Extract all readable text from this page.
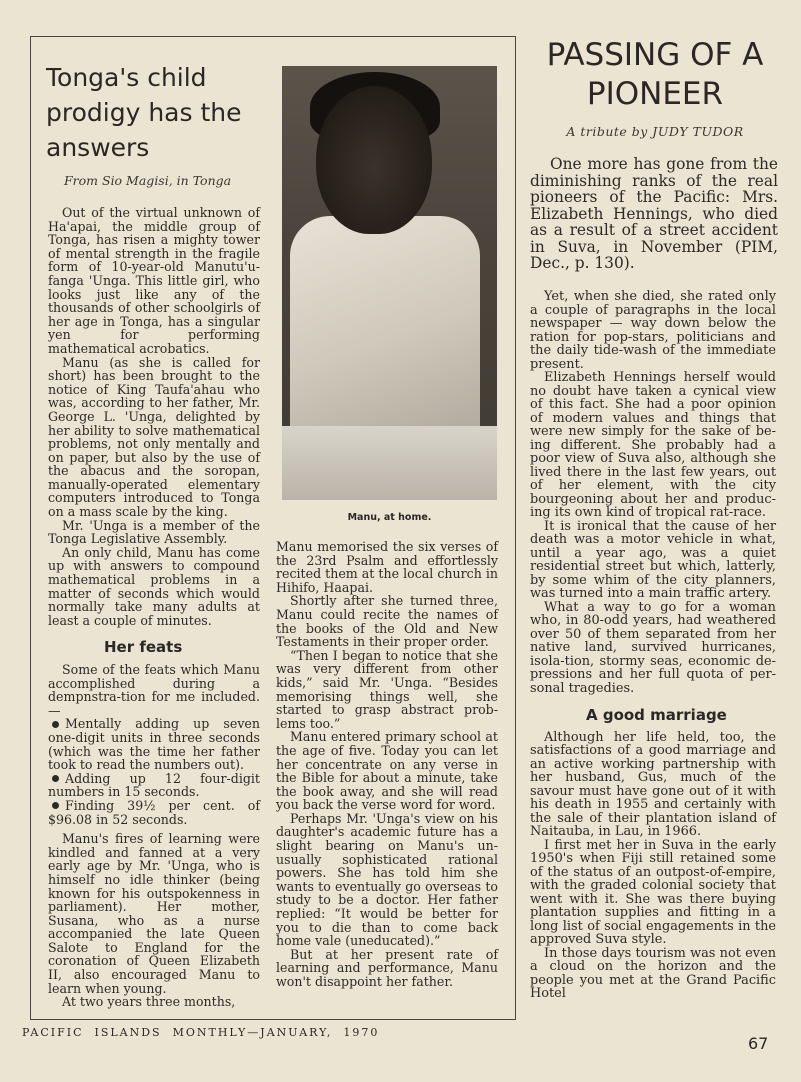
Tonga's child prodigy has the answers
From Sio Magisi, in Tonga

Out of the virtual unknown of Ha'apai, the middle group of Tonga, has risen a mighty tower of mental strength in the fragile form of 10-year-old Manutu'u-fanga 'Unga. This little girl, who looks just like any of the thousands of other schoolgirls of her age in Tonga, has a singular yen for performing mathematical acrobatics.

Manu (as she is called for short) has been brought to the notice of King Taufa'ahau who was, according to her father, Mr. George L. 'Unga, delighted by her ability to solve mathematical problems, not only mentally and on paper, but also by the use of the abacus and the soropan, manually-operated elementary computers introduced to Tonga on a mass scale by the king.

Mr. 'Unga is a member of the Tonga Legislative Assembly.

An only child, Manu has come up with answers to compound mathematical problems in a matter of seconds which would normally take many adults at least a couple of minutes.

Her feats

Some of the feats which Manu accomplished during a dempnstra-tion for me included.—

Mentally adding up seven one-digit units in three seconds (which was the time her father took to read the numbers out).

Adding up 12 four-digit numbers in 15 seconds.

Finding 39½ per cent. of $96.08 in 52 seconds.

Manu's fires of learning were kindled and fanned at a very early age by Mr. 'Unga, who is himself no idle thinker (being known for his outspokenness in parliament). Her mother, Susana, who as a nurse accompanied the late Queen Salote to England for the coronation of Queen Elizabeth II, also encouraged Manu to learn when young.

At two years three months,

Manu, at home.

Manu memorised the six verses of the 23rd Psalm and effortlessly recited them at the local church in Hihifo, Haapai.

Shortly after she turned three, Manu could recite the names of the books of the Old and New Testaments in their proper order.

“Then I began to notice that she was very different from other kids,” said Mr. 'Unga. “Besides memorising things well, she started to grasp abstract prob-lems too.”

Manu entered primary school at the age of five. Today you can let her concentrate on any verse in the Bible for about a minute, take the book away, and she will read you back the verse word for word.

Perhaps Mr. 'Unga's view on his daughter's academic future has a slight bearing on Manu's un-usually sophisticated rational powers. She has told him she wants to eventually go overseas to study to be a doctor. Her father replied: “It would be better for you to die than to come back home vale (uneducated).”

But at her present rate of learning and performance, Manu won't disappoint her father.

PASSING OF A PIONEER
A tribute by JUDY TUDOR

One more has gone from the diminishing ranks of the real pioneers of the Pacific: Mrs. Elizabeth Hennings, who died as a result of a street accident in Suva, in November (PIM, Dec., p. 130).

Yet, when she died, she rated only a couple of paragraphs in the local newspaper — way down below the ration for pop-stars, politicians and the daily tide-wash of the immediate present.

Elizabeth Hennings herself would no doubt have taken a cynical view of this fact. She had a poor opinion of modern values and things that were new simply for the sake of be-ing different. She probably had a poor view of Suva also, although she lived there in the last few years, out of her element, with the city bourgeoning about her and produc-ing its own kind of tropical rat-race.

It is ironical that the cause of her death was a motor vehicle in what, until a year ago, was a quiet residential street but which, latterly, by some whim of the city planners, was turned into a main traffic artery.

What a way to go for a woman who, in 80-odd years, had weathered over 50 of them separated from her native land, survived hurricanes, isola-tion, stormy seas, economic de-pressions and her full quota of per-sonal tragedies.

A good marriage

Although her life held, too, the satisfactions of a good marriage and an active working partnership with her husband, Gus, much of the savour must have gone out of it with his death in 1955 and certainly with the sale of their plantation island of Naitauba, in Lau, in 1966.

I first met her in Suva in the early 1950's when Fiji still retained some of the status of an outpost-of-empire, with the graded colonial society that went with it. She was there buying plantation supplies and fitting in a long list of social engagements in the approved Suva style.

In those days tourism was not even a cloud on the horizon and the people you met at the Grand Pacific Hotel

PACIFIC  ISLANDS  MONTHLY—JANUARY,  1970
67
